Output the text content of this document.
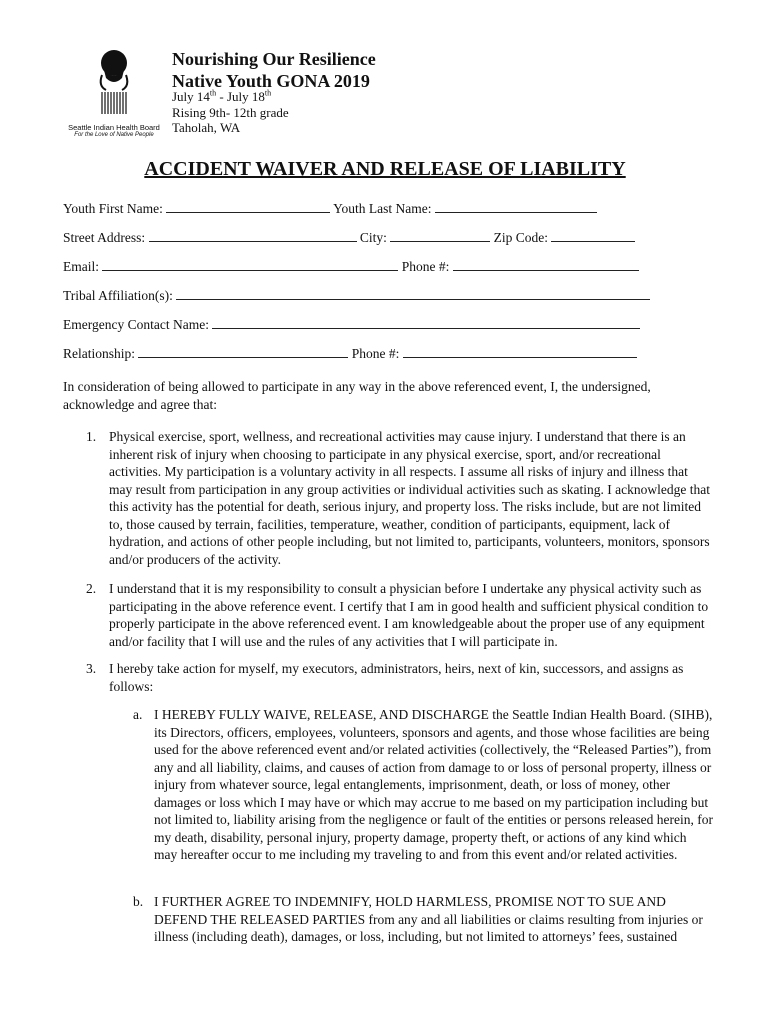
Seattle Indian Health Board
For the Love of Native People
Nourishing Our Resilience
Native Youth GONA 2019
July 14th - July 18th
Rising 9th- 12th grade
Taholah, WA
ACCIDENT WAIVER AND RELEASE OF LIABILITY
Youth First Name:	Youth Last Name:
Street Address:	City:	Zip Code:
Email:	Phone #:
Tribal Affiliation(s):
Emergency Contact Name:
Relationship:	Phone #:
In consideration of being allowed to participate in any way in the above referenced event, I, the undersigned, acknowledge and agree that:
1. Physical exercise, sport, wellness, and recreational activities may cause injury. I understand that there is an inherent risk of injury when choosing to participate in any physical exercise, sport, and/or recreational activities. My participation is a voluntary activity in all respects. I assume all risks of injury and illness that may result from participation in any group activities or individual activities such as skating. I acknowledge that this activity has the potential for death, serious injury, and property loss. The risks include, but are not limited to, those caused by terrain, facilities, temperature, weather, condition of participants, equipment, lack of hydration, and actions of other people including, but not limited to, participants, volunteers, monitors, sponsors and/or producers of the activity.
2. I understand that it is my responsibility to consult a physician before I undertake any physical activity such as participating in the above reference event. I certify that I am in good health and sufficient physical condition to properly participate in the above referenced event. I am knowledgeable about the proper use of any equipment and/or facility that I will use and the rules of any activities that I will participate in.
3. I hereby take action for myself, my executors, administrators, heirs, next of kin, successors, and assigns as follows:
a. I HEREBY FULLY WAIVE, RELEASE, AND DISCHARGE the Seattle Indian Health Board. (SIHB), its Directors, officers, employees, volunteers, sponsors and agents, and those whose facilities are being used for the above referenced event and/or related activities (collectively, the “Released Parties”), from any and all liability, claims, and causes of action from damage to or loss of personal property, illness or injury from whatever source, legal entanglements, imprisonment, death, or loss of money, other damages or loss which I may have or which may accrue to me based on my participation including but not limited to, liability arising from the negligence or fault of the entities or persons released herein, for my death, disability, personal injury, property damage, property theft, or actions of any kind which may hereafter occur to me including my traveling to and from this event and/or related activities.
b. I FURTHER AGREE TO INDEMNIFY, HOLD HARMLESS, PROMISE NOT TO SUE AND DEFEND THE RELEASED PARTIES from any and all liabilities or claims resulting from injuries or illness (including death), damages, or loss, including, but not limited to attorneys’ fees, sustained
